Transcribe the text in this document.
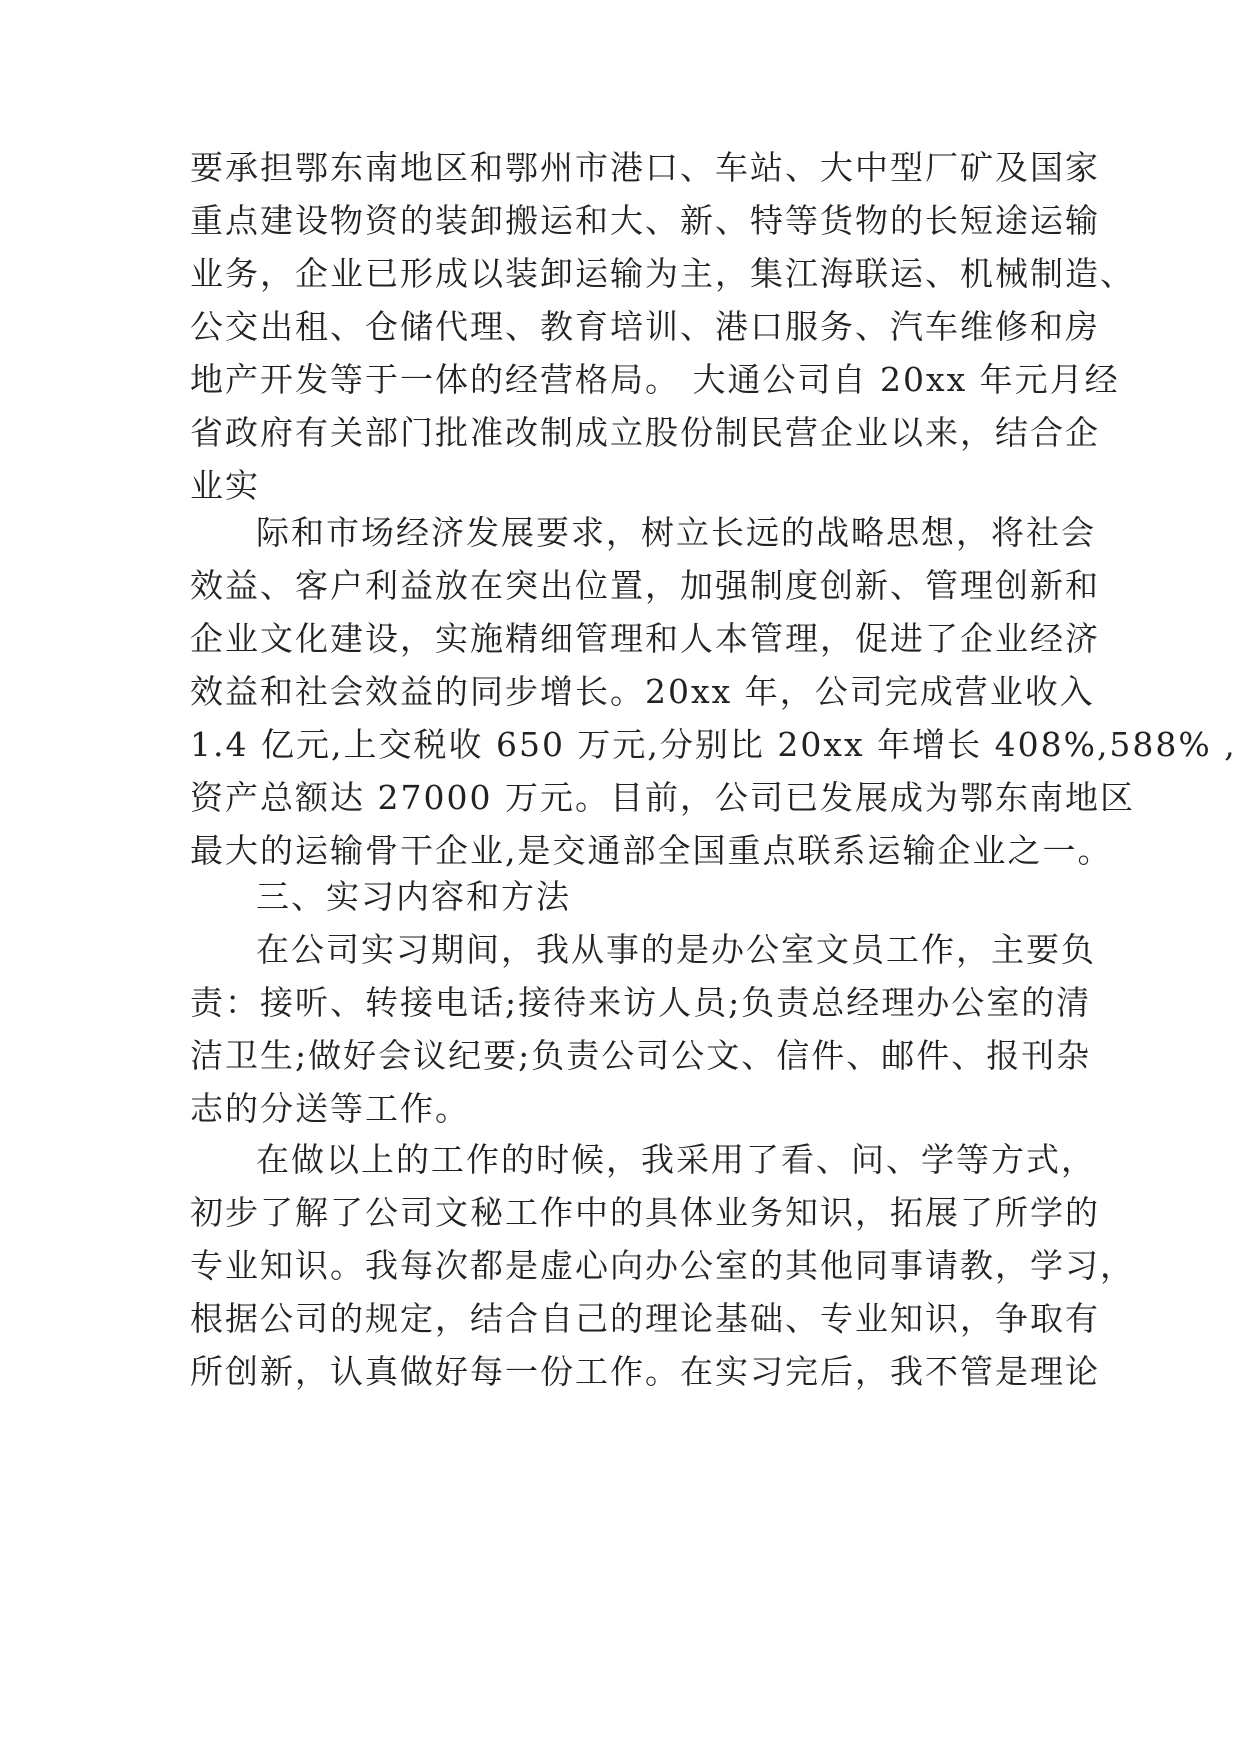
要承担鄂东南地区和鄂州市港口、车站、大中型厂矿及国家
重点建设物资的装卸搬运和大、新、特等货物的长短途运输
业务，企业已形成以装卸运输为主，集江海联运、机械制造、
公交出租、仓储代理、教育培训、港口服务、汽车维修和房
地产开发等于一体的经营格局。 大通公司自 20xx 年元月经
省政府有关部门批准改制成立股份制民营企业以来，结合企
业实
际和市场经济发展要求，树立长远的战略思想，将社会
效益、客户利益放在突出位置，加强制度创新、管理创新和
企业文化建设，实施精细管理和人本管理，促进了企业经济
效益和社会效益的同步增长。20xx 年，公司完成营业收入
1.4 亿元,上交税收 650 万元,分别比 20xx 年增长 408%,588% ,
资产总额达 27000 万元。目前，公司已发展成为鄂东南地区
最大的运输骨干企业,是交通部全国重点联系运输企业之一。
三、实习内容和方法
在公司实习期间，我从事的是办公室文员工作，主要负
责：接听、转接电话;接待来访人员;负责总经理办公室的清
洁卫生;做好会议纪要;负责公司公文、信件、邮件、报刊杂
志的分送等工作。
在做以上的工作的时候，我采用了看、问、学等方式，
初步了解了公司文秘工作中的具体业务知识，拓展了所学的
专业知识。我每次都是虚心向办公室的其他同事请教，学习，
根据公司的规定，结合自己的理论基础、专业知识，争取有
所创新，认真做好每一份工作。在实习完后，我不管是理论
